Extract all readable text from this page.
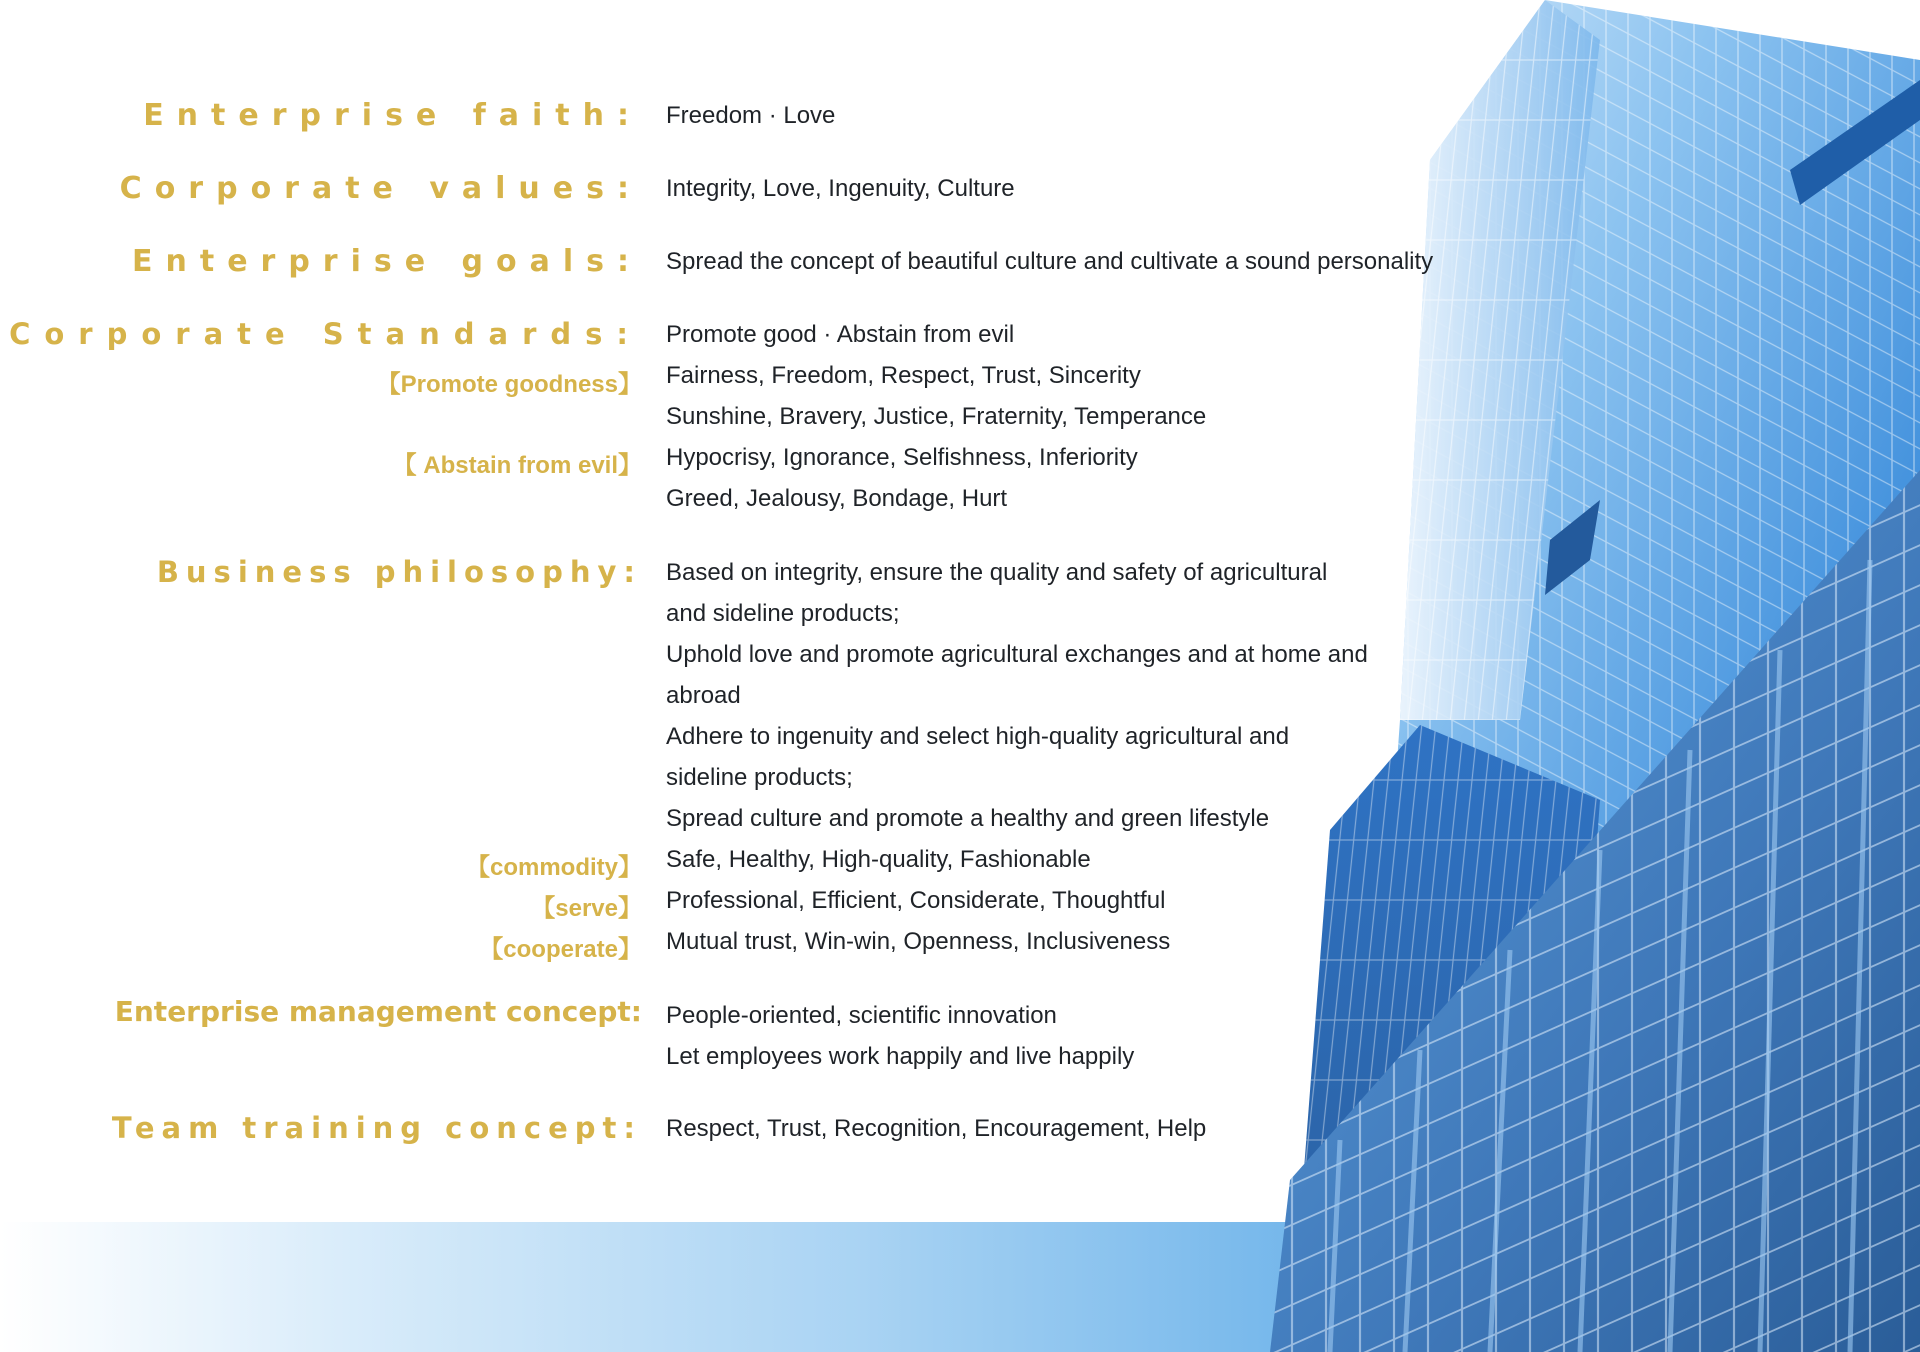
Enterprise faith: Freedom · Love
Corporate values: Integrity, Love, Ingenuity, Culture
Enterprise goals: Spread the concept of beautiful culture and cultivate a sound personality
Corporate Standards: Promote good · Abstain from evil
【Promote goodness】 Fairness, Freedom, Respect, Trust, Sincerity
Sunshine, Bravery, Justice, Fraternity, Temperance
【 Abstain from evil】 Hypocrisy, Ignorance, Selfishness, Inferiority
Greed, Jealousy, Bondage, Hurt
Business philosophy: Based on integrity, ensure the quality and safety of agricultural
and sideline products;
Uphold love and promote agricultural exchanges and at home and
abroad
Adhere to ingenuity and select high-quality agricultural and
sideline products;
Spread culture and promote a healthy and green lifestyle
【commodity】 Safe, Healthy, High-quality, Fashionable
【serve】 Professional, Efficient, Considerate, Thoughtful
【cooperate】 Mutual trust, Win-win, Openness, Inclusiveness
Enterprise management concept: People-oriented, scientific innovation
Let employees work happily and live happily
Team training concept: Respect, Trust, Recognition, Encouragement, Help
